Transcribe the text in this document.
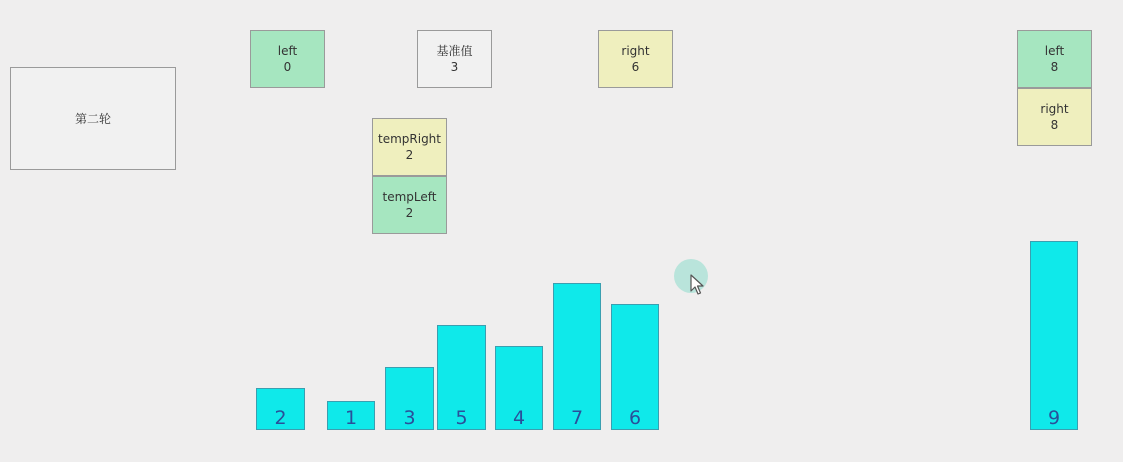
第二轮
left
0
基准值
3
right
6
tempRight
2
tempLeft
2
left
8
right
8
2	1 3 5 4 7 6	9
